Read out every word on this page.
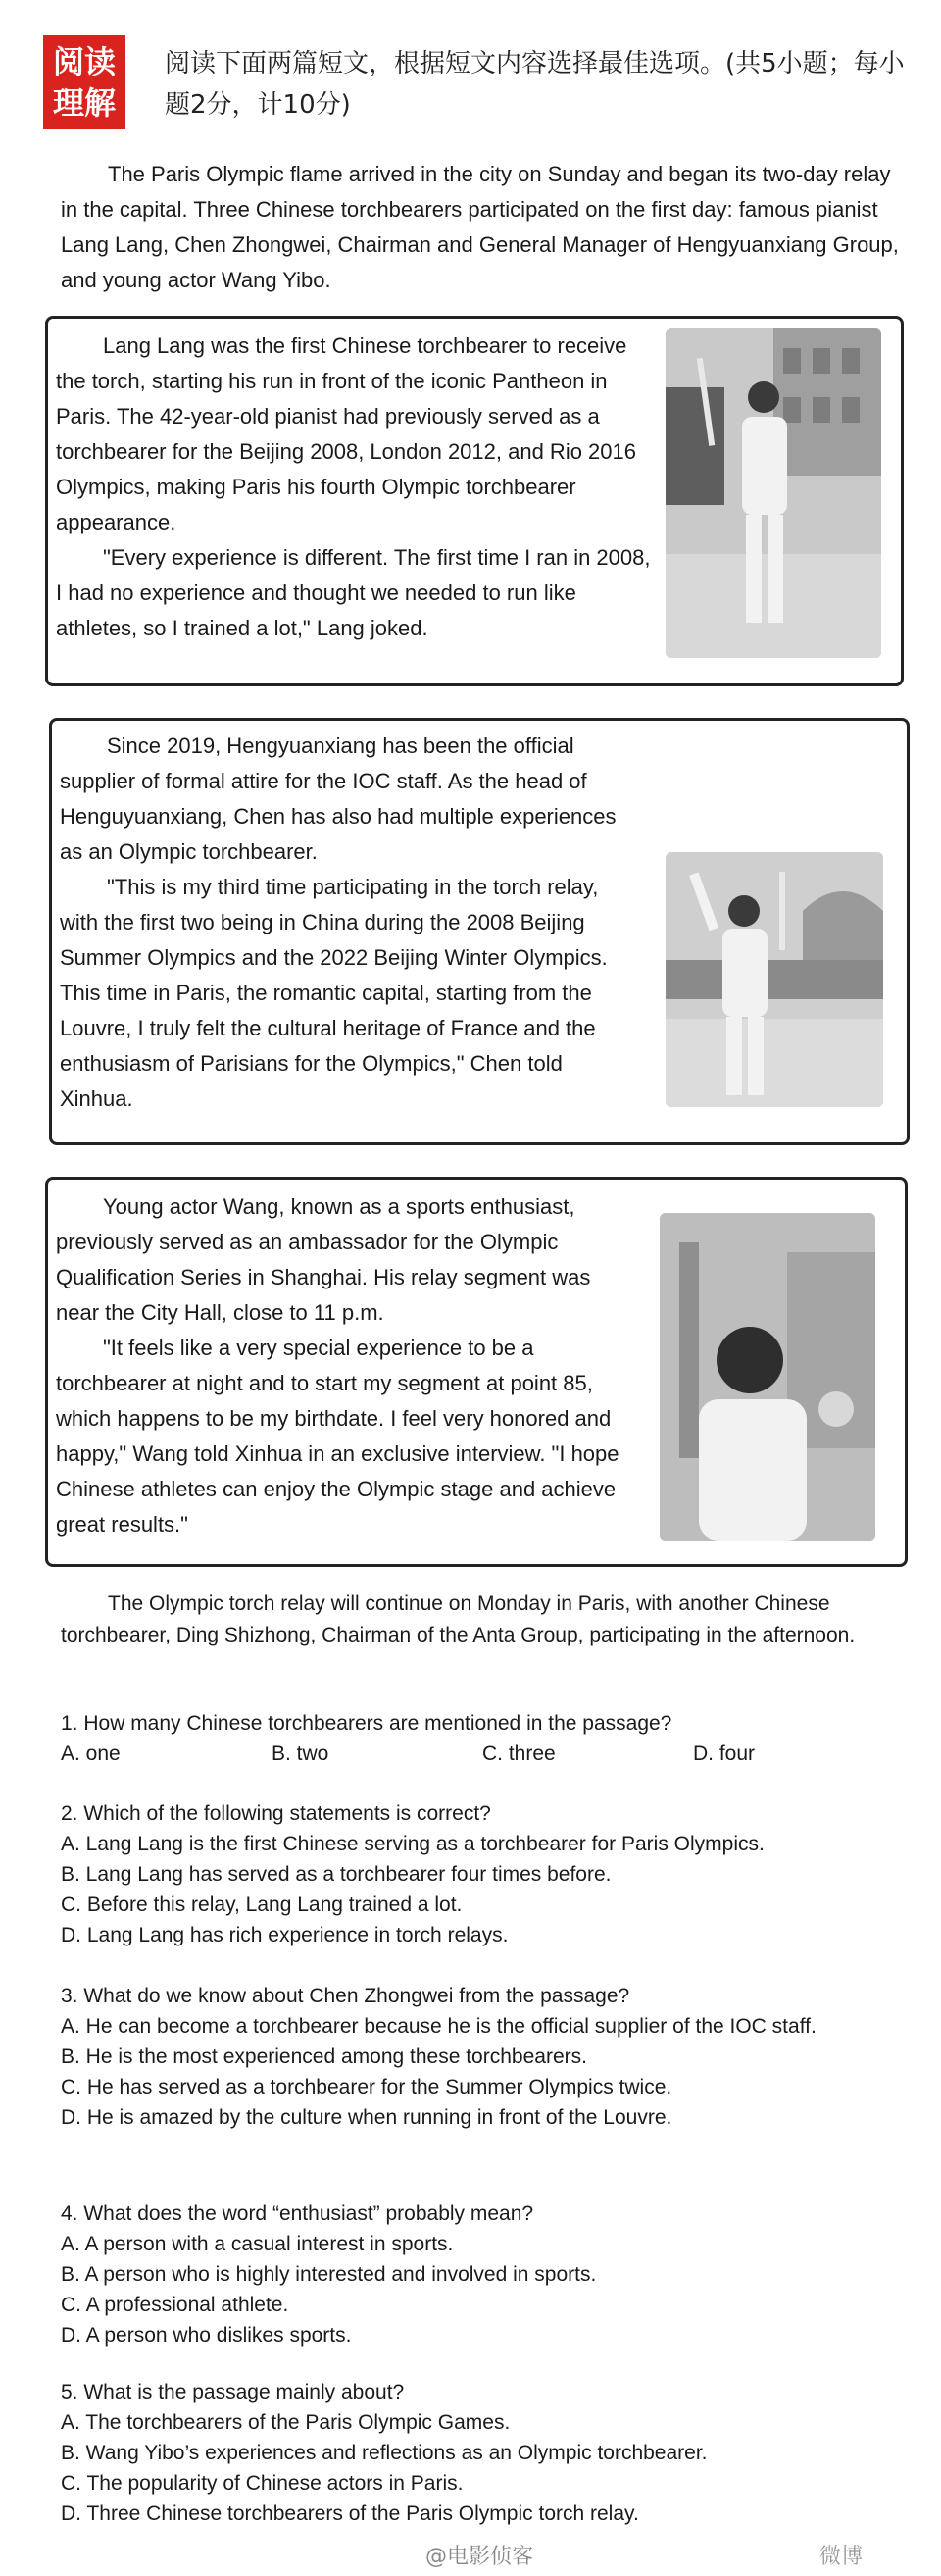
阅读
理解
阅读下面两篇短文，根据短文内容选择最佳选项。(共5小题；每小题2分，计10分)

The Paris Olympic flame arrived in the city on Sunday and began its two-day relay in the capital. Three Chinese torchbearers participated on the first day: famous pianist Lang Lang, Chen Zhongwei, Chairman and General Manager of Hengyuanxiang Group, and young actor Wang Yibo.

Lang Lang was the first Chinese torchbearer to receive the torch, starting his run in front of the iconic Pantheon in Paris. The 42-year-old pianist had previously served as a torchbearer for the Beijing 2008, London 2012, and Rio 2016 Olympics, making Paris his fourth Olympic torchbearer appearance.

"Every experience is different. The first time I ran in 2008, I had no experience and thought we needed to run like athletes, so I trained a lot," Lang joked.

Since 2019, Hengyuanxiang has been the official supplier of formal attire for the IOC staff. As the head of Henguyuanxiang, Chen has also had multiple experiences as an Olympic torchbearer.

"This is my third time participating in the torch relay, with the first two being in China during the 2008 Beijing Summer Olympics and the 2022 Beijing Winter Olympics. This time in Paris, the romantic capital, starting from the Louvre, I truly felt the cultural heritage of France and the enthusiasm of Parisians for the Olympics," Chen told Xinhua.

Young actor Wang, known as a sports enthusiast, previously served as an ambassador for the Olympic Qualification Series in Shanghai. His relay segment was near the City Hall, close to 11 p.m.

"It feels like a very special experience to be a torchbearer at night and to start my segment at point 85, which happens to be my birthdate. I feel very honored and happy," Wang told Xinhua in an exclusive interview. "I hope Chinese athletes can enjoy the Olympic stage and achieve great results."

The Olympic torch relay will continue on Monday in Paris, with another Chinese torchbearer, Ding Shizhong, Chairman of the Anta Group, participating in the afternoon.

1. How many Chinese torchbearers are mentioned in the passage?
A. one	B. two	C. three	D. four
2. Which of the following statements is correct?
A. Lang Lang is the first Chinese serving as a torchbearer for Paris Olympics.
B. Lang Lang has served as a torchbearer four times before.
C. Before this relay, Lang Lang trained a lot.
D. Lang Lang has rich experience in torch relays.
3. What do we know about Chen Zhongwei from the passage?
A. He can become a torchbearer because he is the official supplier of the IOC staff.
B. He is the most experienced among these torchbearers.
C. He has served as a torchbearer for the Summer Olympics twice.
D. He is amazed by the culture when running in front of the Louvre.
4. What does the word “enthusiast” probably mean?
A. A person with a casual interest in sports.
B. A person who is highly interested and involved in sports.
C. A professional athlete.
D. A person who dislikes sports.
5. What is the passage mainly about?
A. The torchbearers of the Paris Olympic Games.
B. Wang Yibo’s experiences and reflections as an Olympic torchbearer.
C. The popularity of Chinese actors in Paris.
D. Three Chinese torchbearers of the Paris Olympic torch relay.
@电影侦客	微博
